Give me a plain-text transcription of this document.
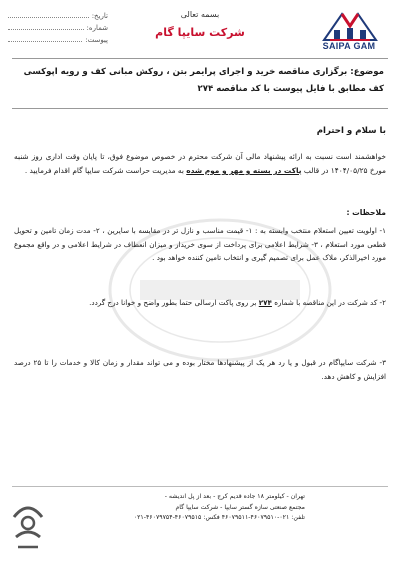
تاریخ:
شماره:
پیوست:
بسمه تعالی
شرکت سایپا گام
SAIPA GAM
موضوع: برگزاری مناقصه خرید و اجرای پرایمر بتن ، روکش مبانی کف و رویه اپوکسی کف مطابق با فایل پیوست با کد مناقصه ۲۷۴
با سلام و احترام
خواهشمند است نسبت به ارائه پیشنهاد مالی آن شرکت محترم در خصوص موضوع فوق، تا پایان وقت اداری روز شنبه مورخ ۱۴۰۴/۰۵/۲۵ در قالب پاکت در بسته و مهر و موم شده به مدیریت حراست شرکت سایپا گام اقدام فرمایید .
ملاحظات :
۱- اولویت تعیین استعلام منتخب وابسته به : ۱- قیمت مناسب و نازل تر در مقایسه با سایرین ، ۲- مدت زمان تامین و تحویل قطعی مورد استعلام ، ۳- شرایط اعلامی برای پرداخت از سوی خریدار و میزان انعطاف در شرایط اعلامی و در واقع مجموع مورد اخیرالذکر، ملاک عمل برای تصمیم گیری و انتخاب تامین کننده خواهد بود .
۲- کد شرکت در این مناقصه با شماره ۲۷۴ بر روی پاکت ارسالی حتما بطور واضح و خوانا درج گردد.
۳- شرکت سایپاگام در قبول و یا رد هر یک از پیشنهادها مختار بوده و می تواند مقدار و زمان کالا و خدمات را تا ۲۵ درصد افزایش و کاهش دهد.
تهران - کیلومتر ۱۸ جاده قدیم کرج - بعد از پل اندیشه -
مجتمع صنعتی سازه گستر سایپا - شرکت سایپا گام
تلفن: ۰۲۱-۴۶۰۷۹۵۱۰-۴۶۰۷۹۵۱۱ فکس: ۴۶۰۷۹۵۱۵-۴۶۰۷۹۷۵۴-۰۲۱
